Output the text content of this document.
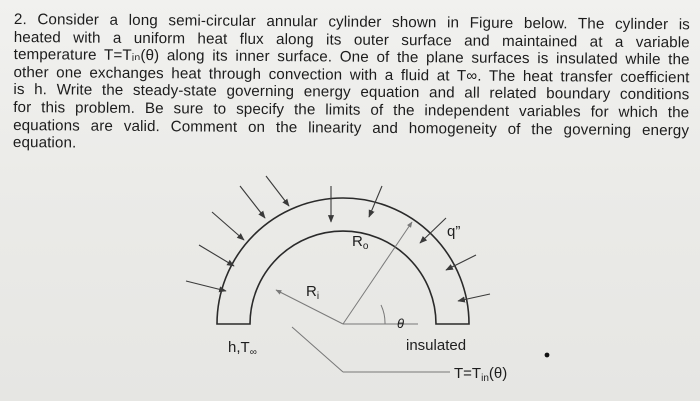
2. Consider a long semi-circular annular cylinder shown in Figure below. The cylinder is
heated with a uniform heat flux along its outer surface and maintained at a variable
temperature T=Tᵢₙ(θ) along its inner surface. One of the plane surfaces is insulated while the
other one exchanges heat through convection with a fluid at T∞. The heat transfer coefficient
is h. Write the steady-state governing energy equation and all related boundary conditions
for this problem. Be sure to specify the limits of the independent variables for which the
equations are valid. Comment on the linearity and homogeneity of the governing energy
equation.
$R_o$
$R_i$
q”
θ
$h,T_\infty$	insulated
$T=T_{in}(\theta)$
